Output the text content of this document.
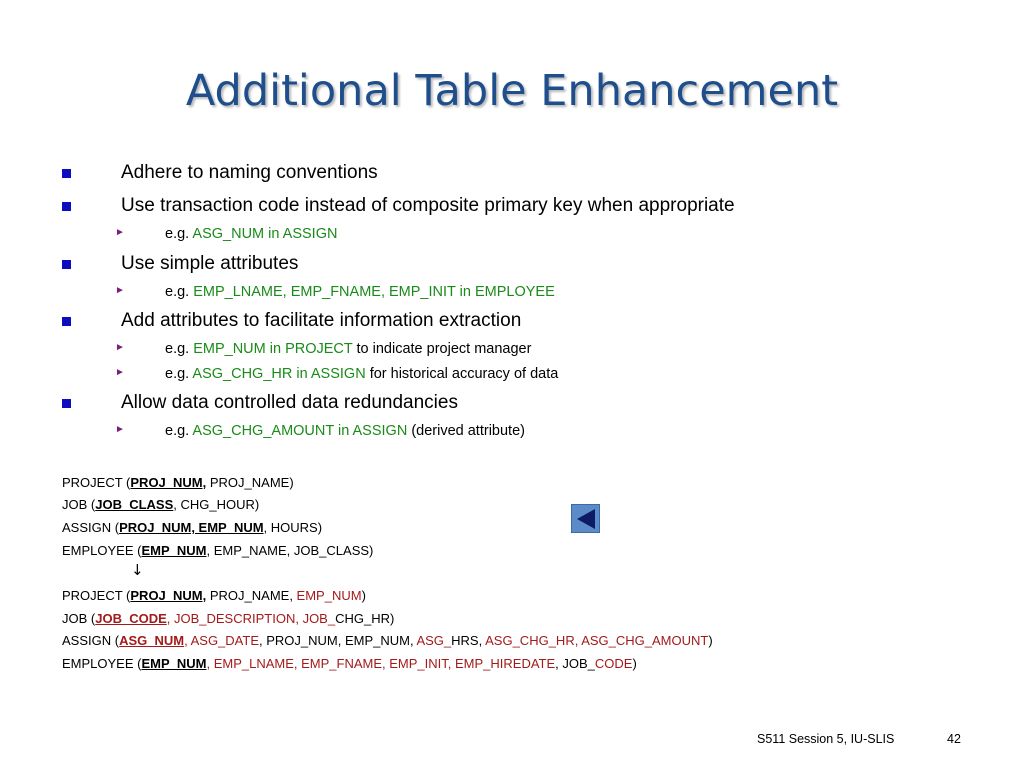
Additional Table Enhancement
Adhere to naming conventions
Use transaction code instead of composite primary key when appropriate
►	e.g. ASG_NUM in ASSIGN
Use simple attributes
►	e.g. EMP_LNAME, EMP_FNAME, EMP_INIT in EMPLOYEE
Add attributes to facilitate information extraction
►	e.g. EMP_NUM in PROJECT to indicate project manager
►	e.g. ASG_CHG_HR in ASSIGN for historical accuracy of data
Allow data controlled data redundancies
►	e.g. ASG_CHG_AMOUNT in ASSIGN (derived attribute)
PROJECT (PROJ_NUM, PROJ_NAME)
JOB (JOB_CLASS, CHG_HOUR)
ASSIGN (PROJ_NUM, EMP_NUM, HOURS)
EMPLOYEE (EMP_NUM, EMP_NAME, JOB_CLASS)
↓
PROJECT (PROJ_NUM, PROJ_NAME, EMP_NUM)
JOB (JOB_CODE, JOB_DESCRIPTION, JOB_CHG_HR)
ASSIGN (ASG_NUM, ASG_DATE, PROJ_NUM, EMP_NUM, ASG_HRS, ASG_CHG_HR, ASG_CHG_AMOUNT)
EMPLOYEE (EMP_NUM, EMP_LNAME, EMP_FNAME, EMP_INIT, EMP_HIREDATE, JOB_CODE)
S511 Session 5, IU-SLIS	42
